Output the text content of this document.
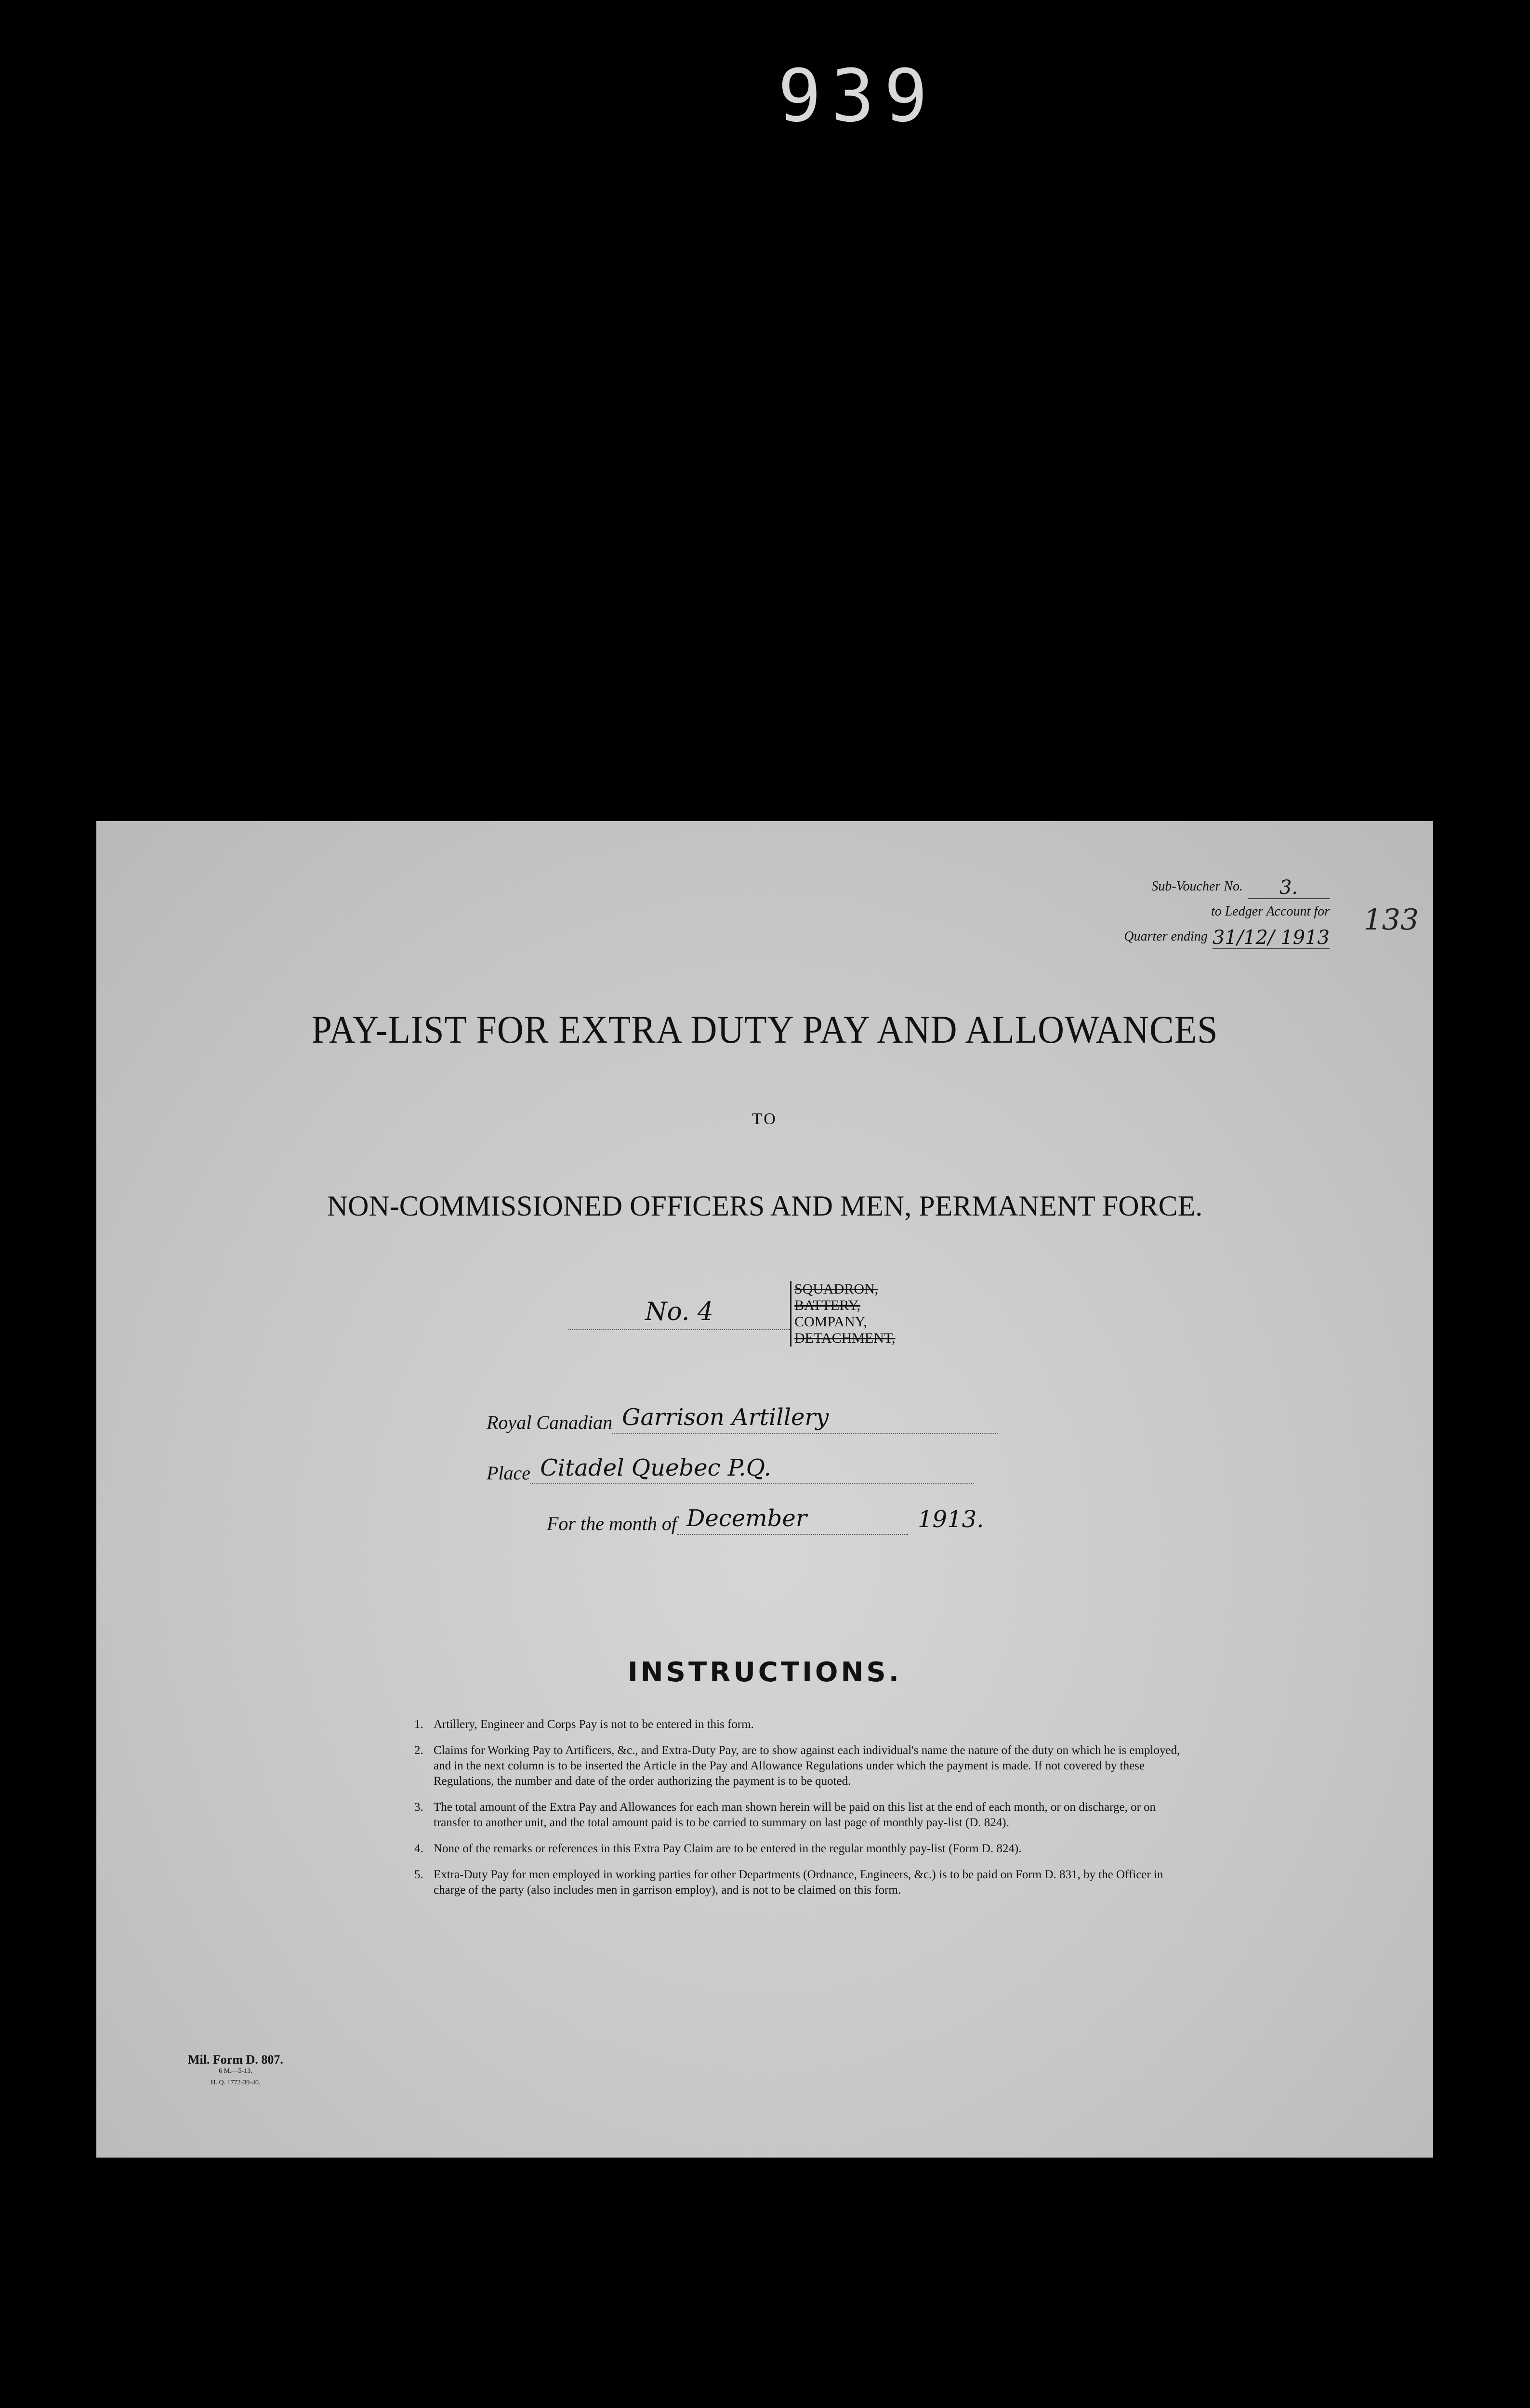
939
Sub-Voucher No.	3.
to Ledger Account for
Quarter ending 31/12/ 1913
133
PAY-LIST FOR EXTRA DUTY PAY AND ALLOWANCES
TO
NON-COMMISSIONED OFFICERS AND MEN, PERMANENT FORCE.
No. 4
SQUADRON,
BATTERY,
COMPANY,
DETACHMENT,
Royal Canadian Garrison Artillery
Place Citadel Quebec P.Q.
For the month of December	1913.
INSTRUCTIONS.
1. Artillery, Engineer and Corps Pay is not to be entered in this form.
2. Claims for Working Pay to Artificers, &c., and Extra-Duty Pay, are to show against each individual's name the nature of the duty on which he is employed, and in the next column is to be inserted the Article in the Pay and Allowance Regulations under which the payment is made. If not covered by these Regulations, the number and date of the order authorizing the payment is to be quoted.
3. The total amount of the Extra Pay and Allowances for each man shown herein will be paid on this list at the end of each month, or on discharge, or on transfer to another unit, and the total amount paid is to be carried to summary on last page of monthly pay-list (D. 824).
4. None of the remarks or references in this Extra Pay Claim are to be entered in the regular monthly pay-list (Form D. 824).
5. Extra-Duty Pay for men employed in working parties for other Departments (Ordnance, Engineers, &c.) is to be paid on Form D. 831, by the Officer in charge of the party (also includes men in garrison employ), and is not to be claimed on this form.
Mil. Form D. 807.
6 M.—5-13.
H. Q. 1772-39-40.
